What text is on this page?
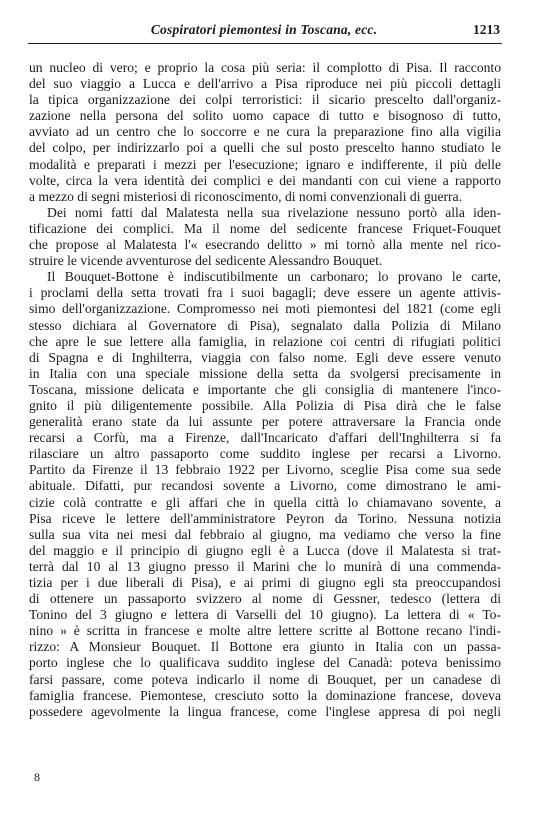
Cospiratori piemontesi in Toscana, ecc.	1213
un nucleo di vero; e proprio la cosa più seria: il complotto di Pisa. Il racconto
del suo viaggio a Lucca e dell'arrivo a Pisa riproduce nei più piccoli dettagli
la tipica organizzazione dei colpi terroristici: il sicario prescelto dall'organiz-
zazione nella persona del solito uomo capace di tutto e bisognoso di tutto,
avviato ad un centro che lo soccorre e ne cura la preparazione fino alla vigilia
del colpo, per indirizzarlo poi a quelli che sul posto prescelto hanno studiato le
modalità e preparati i mezzi per l'esecuzione; ignaro e indifferente, il più delle
volte, circa la vera identità dei complici e dei mandanti con cui viene a rapporto
a mezzo di segni misteriosi di riconoscimento, di nomi convenzionali di guerra.
Dei nomi fatti dal Malatesta nella sua rivelazione nessuno portò alla iden-
tificazione dei complici. Ma il nome del sedicente francese Friquet-Fouquet
che propose al Malatesta l'« esecrando delitto » mi tornò alla mente nel rico-
struire le vicende avventurose del sedicente Alessandro Bouquet.
Il Bouquet-Bottone è indiscutibilmente un carbonaro; lo provano le carte,
i proclami della setta trovati fra i suoi bagagli; deve essere un agente attivis-
simo dell'organizzazione. Compromesso nei moti piemontesi del 1821 (come egli
stesso dichiara al Governatore di Pisa), segnalato dalla Polizia di Milano
che apre le sue lettere alla famiglia, in relazione coi centri di rifugiati politici
di Spagna e di Inghilterra, viaggia con falso nome. Egli deve essere venuto
in Italia con una speciale missione della setta da svolgersi precisamente in
Toscana, missione delicata e importante che gli consiglia di mantenere l'inco-
gnito il più diligentemente possibile. Alla Polizia di Pisa dirà che le false
generalità erano state da lui assunte per potere attraversare la Francia onde
recarsi a Corfù, ma a Firenze, dall'Incaricato d'affari dell'Inghilterra si fa
rilasciare un altro passaporto come suddito inglese per recarsi a Livorno.
Partito da Firenze il 13 febbraio 1922 per Livorno, sceglie Pisa come sua sede
abituale. Difatti, pur recandosi sovente a Livorno, come dimostrano le ami-
cizie colà contratte e gli affari che in quella città lo chiamavano sovente, a
Pisa riceve le lettere dell'amministratore Peyron da Torino. Nessuna notizia
sulla sua vita nei mesi dal febbraio al giugno, ma vediamo che verso la fine
del maggio e il principio di giugno egli è a Lucca (dove il Malatesta si trat-
terrà dal 10 al 13 giugno presso il Marini che lo munirà di una commenda-
tizia per i due liberali di Pisa), e ai primi di giugno egli sta preoccupandosi
di ottenere un passaporto svizzero al nome di Gessner, tedesco (lettera di
Tonino del 3 giugno e lettera di Varselli del 10 giugno). La lettera di « To-
nino » è scritta in francese e molte altre lettere scritte al Bottone recano l'indi-
rizzo: A Monsieur Bouquet. Il Bottone era giunto in Italia con un passa-
porto inglese che lo qualificava suddito inglese del Canadà: poteva benissimo
farsi passare, come poteva indicarlo il nome di Bouquet, per un canadese di
famiglia francese. Piemontese, cresciuto sotto la dominazione francese, doveva
possedere agevolmente la lingua francese, come l'inglese appresa di poi negli
8
